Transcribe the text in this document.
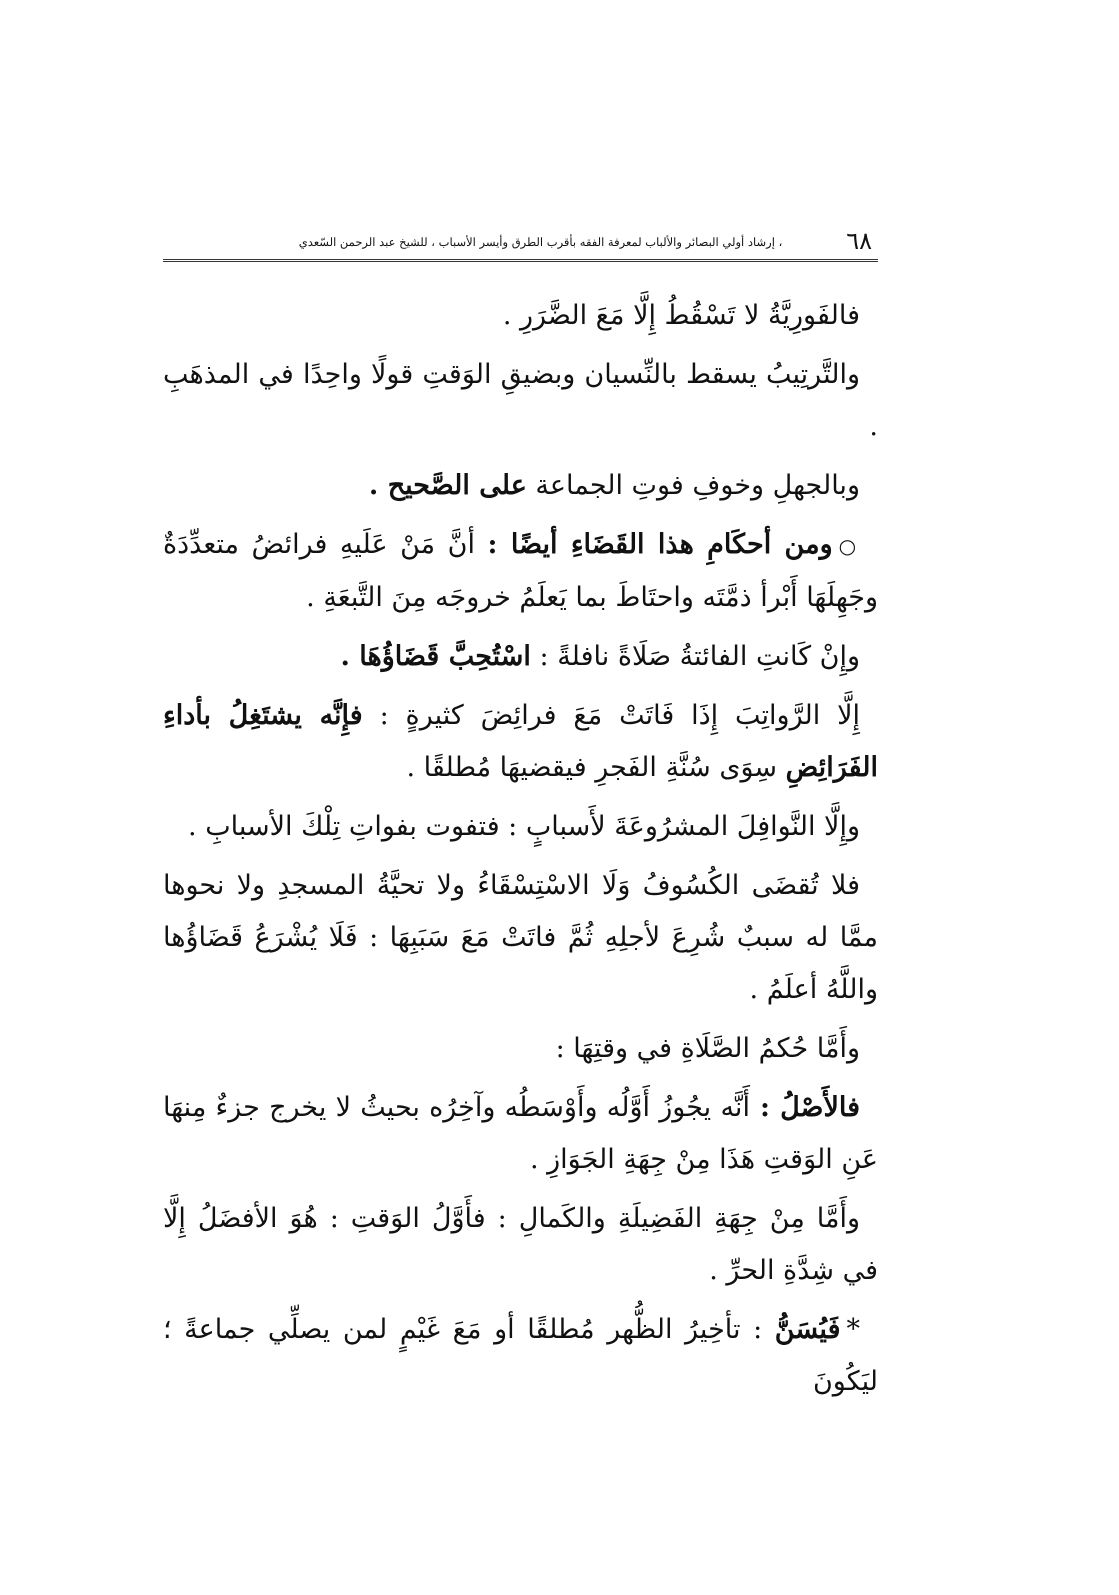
٦٨
، إرشاد أولي البصائر والألباب لمعرفة الفقه بأقرب الطرق وأيسر الأسباب ، للشيخ عبد الرحمن السّعدي

فالفَورِيَّةُ لا تَسْقُطُ إِلَّا مَعَ الضَّرَرِ .

والتَّرتِيبُ يسقط بالنِّسيان وبضيقِ الوَقتِ قولًا واحِدًا في المذهَبِ .

وبالجهلِ وخوفِ فوتِ الجماعة على الصَّحيح .

○ومن أحكَامِ هذا القَضَاءِ أيضًا : أنَّ مَنْ عَلَيهِ فرائضُ متعدِّدَةٌ وجَهِلَهَا أَبْرأ ذمَّتَه واحتَاطَ بما يَعلَمُ خروجَه مِنَ التَّبعَةِ .

وإِنْ كَانتِ الفائتةُ صَلَاةً نافلةً : اسْتُحِبَّ قَضَاؤُهَا .

إِلَّا الرَّواتِبَ إِذَا فَاتَتْ مَعَ فرائِضَ كثيرةٍ : فإِنَّه يشتَغِلُ بأداءِ الفَرَائِضِ سِوَى سُنَّةِ الفَجرِ فيقضيهَا مُطلقًا .

وإِلَّا النَّوافِلَ المشرُوعَةَ لأَسبابٍ : فتفوت بفواتِ تِلْكَ الأسبابِ .

فلا تُقضَى الكُسُوفُ وَلَا الاسْتِسْقَاءُ ولا تحيَّةُ المسجدِ ولا نحوها ممَّا له سببٌ شُرِعَ لأجلِهِ ثُمَّ فاتَتْ مَعَ سَبَبِهَا : فَلَا يُشْرَعُ قَضَاؤُها واللَّهُ أعلَمُ .

وأَمَّا حُكمُ الصَّلَاةِ في وقتِهَا :

فالأَصْلُ : أَنَّه يجُوزُ أَوَّلُه وأَوْسَطُه وآخِرُه بحيثُ لا يخرج جزءٌ مِنهَا عَنِ الوَقتِ هَذَا مِنْ جِهَةِ الجَوَازِ .

وأَمَّا مِنْ جِهَةِ الفَضِيلَةِ والكَمالِ : فأَوَّلُ الوَقتِ : هُوَ الأفضَلُ إِلَّا في شِدَّةِ الحرِّ .

*فَيُسَنُّ : تأخِيرُ الظُّهر مُطلقًا أو مَعَ غَيْمٍ لمن يصلِّي جماعةً ؛ ليَكُونَ
